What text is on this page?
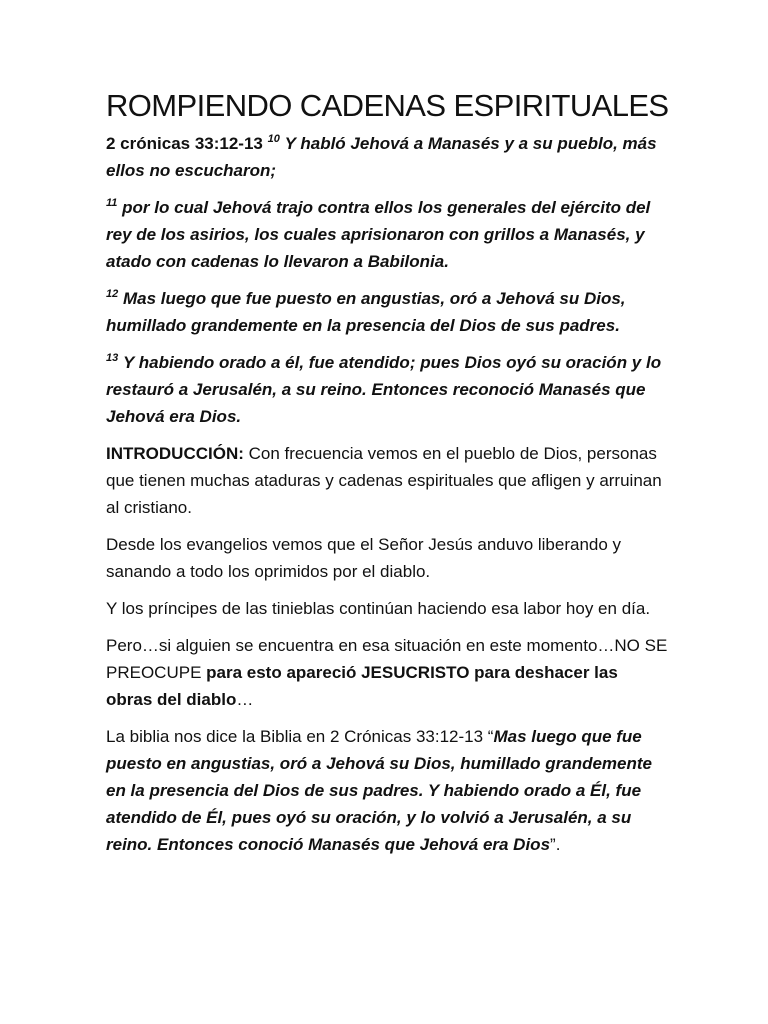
ROMPIENDO CADENAS ESPIRITUALES

2 crónicas 33:12-13 $^{10}$ Y habló Jehová a Manasés y a su pueblo, más ellos no escucharon;

$^{11}$ por lo cual Jehová trajo contra ellos los generales del ejército del rey de los asirios, los cuales aprisionaron con grillos a Manasés, y atado con cadenas lo llevaron a Babilonia.

$^{12}$ Mas luego que fue puesto en angustias, oró a Jehová su Dios, humillado grandemente en la presencia del Dios de sus padres.

$^{13}$ Y habiendo orado a él, fue atendido; pues Dios oyó su oración y lo restauró a Jerusalén, a su reino. Entonces reconoció Manasés que Jehová era Dios.

INTRODUCCIÓN: Con frecuencia vemos en el pueblo de Dios, personas que tienen muchas ataduras y cadenas espirituales que afligen y arruinan al cristiano.

Desde los evangelios vemos que el Señor Jesús anduvo liberando y sanando a todo los oprimidos por el diablo.

Y los príncipes de las tinieblas continúan haciendo esa labor hoy en día.

Pero…si alguien se encuentra en esa situación en este momento…NO SE PREOCUPE para esto apareció JESUCRISTO para deshacer las obras del diablo…

La biblia nos dice la Biblia en 2 Crónicas 33:12-13 “Mas luego que fue puesto en angustias, oró a Jehová su Dios, humillado grandemente en la presencia del Dios de sus padres. Y habiendo orado a Él, fue atendido de Él, pues oyó su oración, y lo volvió a Jerusalén, a su reino. Entonces conoció Manasés que Jehová era Dios”.
